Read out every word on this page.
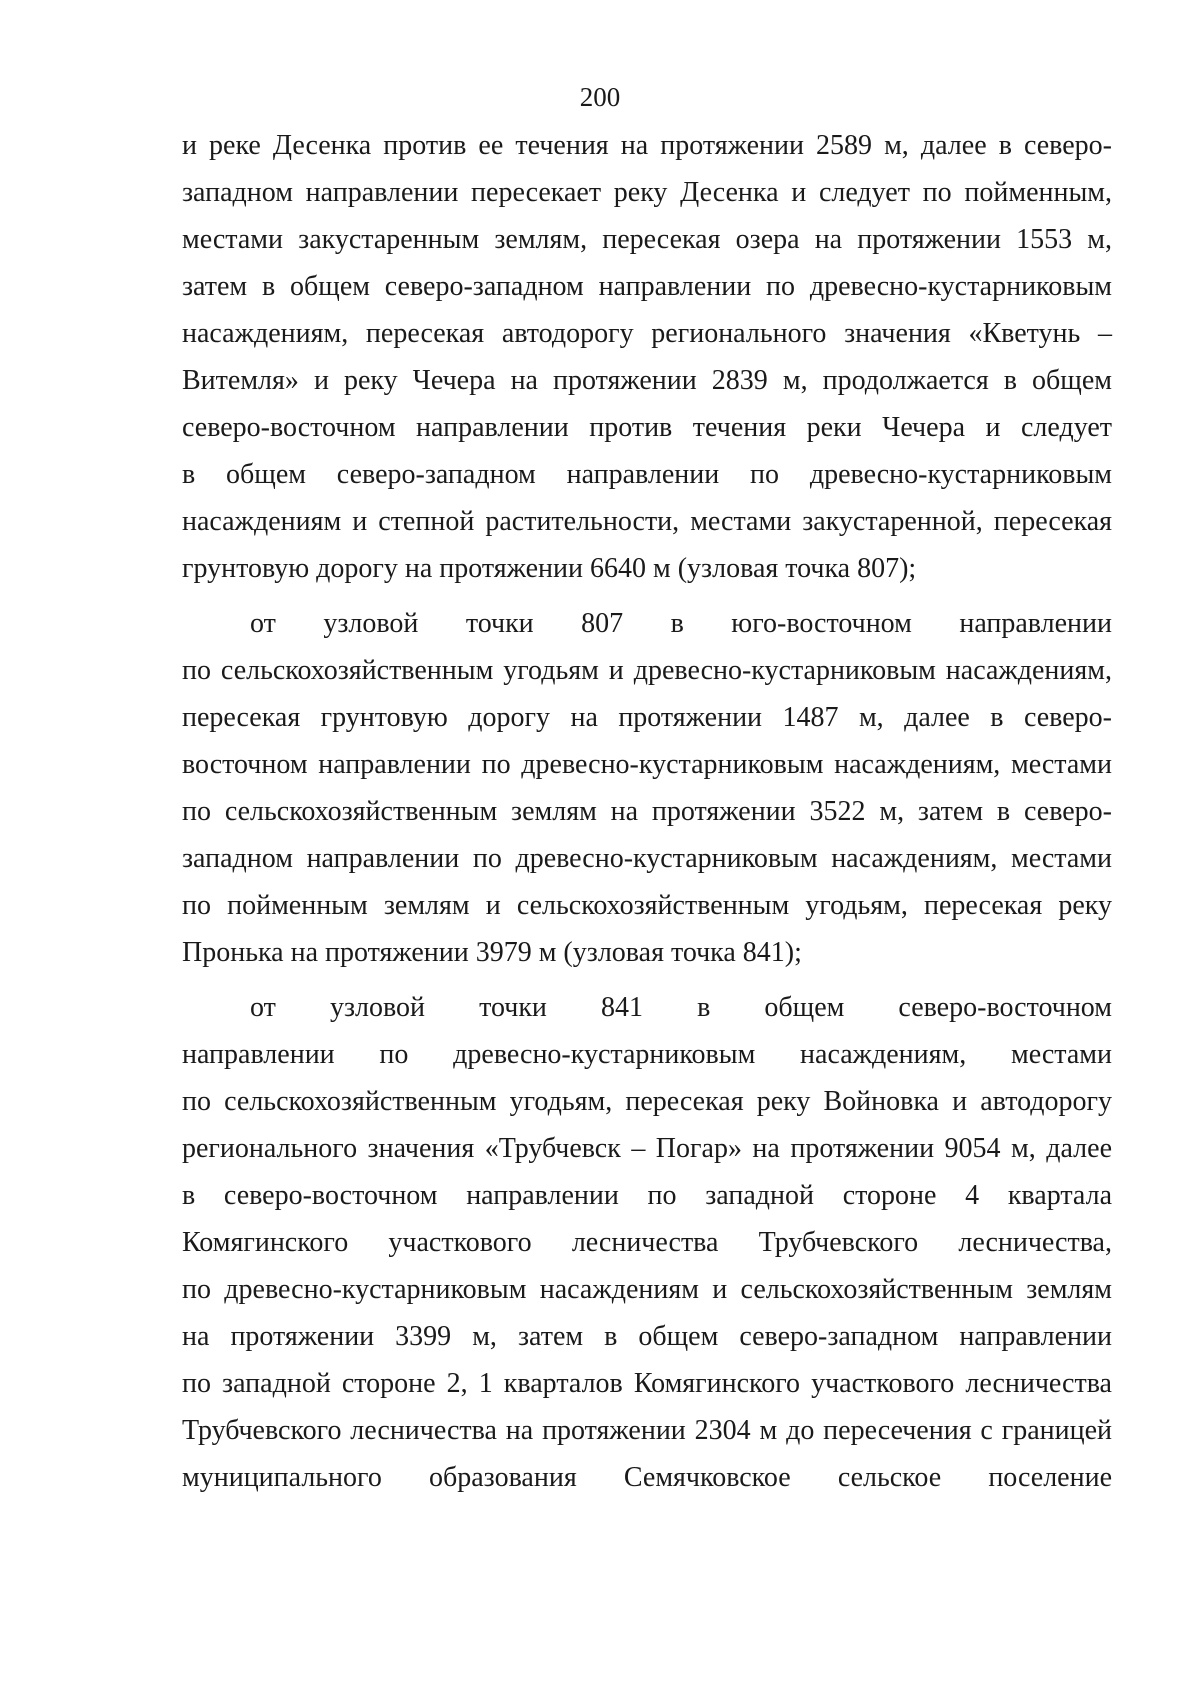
200
и реке Десенка против ее течения на протяжении 2589 м, далее в северо-
западном направлении пересекает реку Десенка и следует по пойменным,
местами закустаренным землям, пересекая озера на протяжении 1553 м,
затем в общем северо-западном направлении по древесно-кустарниковым
насаждениям, пересекая автодорогу регионального значения «Кветунь –
Витемля» и реку Чечера на протяжении 2839 м, продолжается в общем
северо-восточном направлении против течения реки Чечера и следует
в общем северо-западном направлении по древесно-кустарниковым
насаждениям и степной растительности, местами закустаренной, пересекая
грунтовую дорогу на протяжении 6640 м (узловая точка 807);
от узловой точки 807 в юго-восточном направлении
по сельскохозяйственным угодьям и древесно-кустарниковым насаждениям,
пересекая грунтовую дорогу на протяжении 1487 м, далее в северо-
восточном направлении по древесно-кустарниковым насаждениям, местами
по сельскохозяйственным землям на протяжении 3522 м, затем в северо-
западном направлении по древесно-кустарниковым насаждениям, местами
по пойменным землям и сельскохозяйственным угодьям, пересекая реку
Пронька на протяжении 3979 м (узловая точка 841);
от узловой точки 841 в общем северо-восточном
направлении по древесно-кустарниковым насаждениям, местами
по сельскохозяйственным угодьям, пересекая реку Войновка и автодорогу
регионального значения «Трубчевск – Погар» на протяжении 9054 м, далее
в северо-восточном направлении по западной стороне 4 квартала
Комягинского участкового лесничества Трубчевского лесничества,
по древесно-кустарниковым насаждениям и сельскохозяйственным землям
на протяжении 3399 м, затем в общем северо-западном направлении
по западной стороне 2, 1 кварталов Комягинского участкового лесничества
Трубчевского лесничества на протяжении 2304 м до пересечения с границей
муниципального образования Семячковское сельское поселение
